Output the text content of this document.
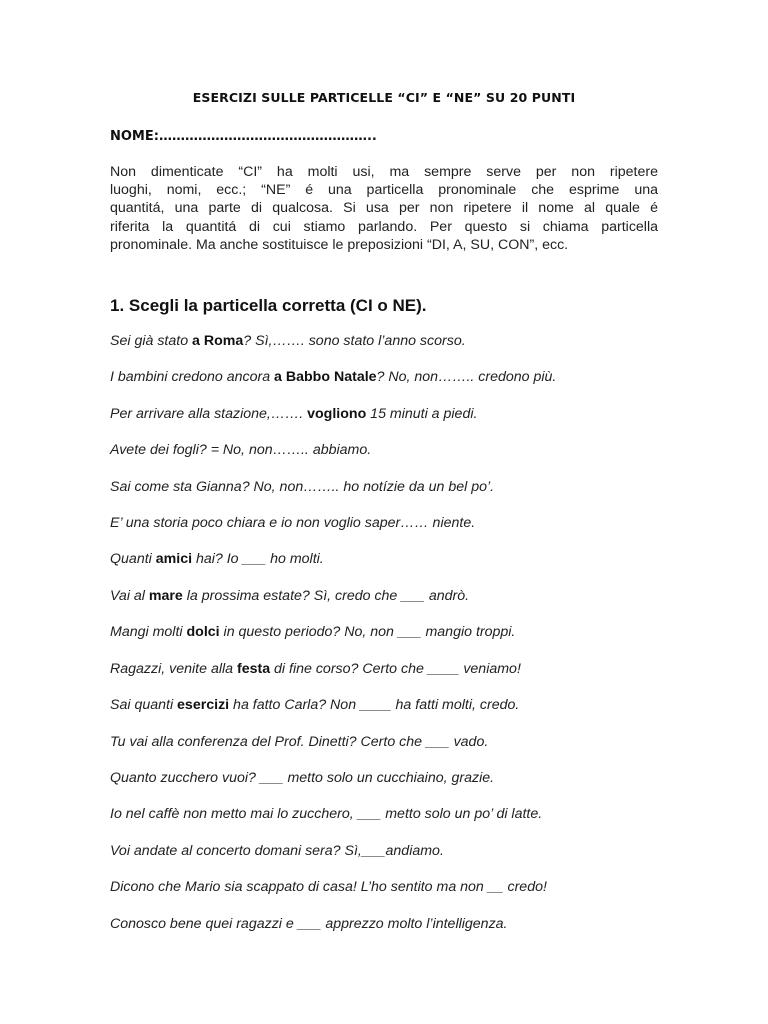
ESERCIZI SULLE PARTICELLE “CI” E “NE” SU 20 PUNTI
NOME:…………………………………………..
Non dimenticate “CI” ha molti usi, ma sempre serve per non ripetere
luoghi, nomi, ecc.; “NE” é una particella pronominale che esprime una
quantitá, una parte di qualcosa. Si usa per non ripetere il nome al quale é
riferita la quantitá di cui stiamo parlando. Per questo si chiama particella
pronominale. Ma anche sostituisce le preposizioni “DI, A, SU, CON”, ecc.
1. Scegli la particella corretta (CI o NE).
Sei già stato a Roma? Sì,……. sono stato l’anno scorso.
I bambini credono ancora a Babbo Natale? No, non…….. credono più.
Per arrivare alla stazione,……. vogliono 15 minuti a piedi.
Avete dei fogli? = No, non…….. abbiamo.
Sai come sta Gianna? No, non…….. ho notízie da un bel po’.
E’ una storia poco chiara e io non voglio saper…… niente.
Quanti amici hai? Io ___ ho molti.
Vai al mare la prossima estate? Sì, credo che ___ andrò.
Mangi molti dolci in questo periodo? No, non ___ mangio troppi.
Ragazzi, venite alla festa di fine corso? Certo che ____ veniamo!
Sai quanti esercizi ha fatto Carla? Non ____ ha fatti molti, credo.
Tu vai alla conferenza del Prof. Dinetti? Certo che ___ vado.
Quanto zucchero vuoi? ___ metto solo un cucchiaino, grazie.
Io nel caffè non metto mai lo zucchero, ___ metto solo un po’ di latte.
Voi andate al concerto domani sera? Sì,___andiamo.
Dicono che Mario sia scappato di casa! L’ho sentito ma non __ credo!
Conosco bene quei ragazzi e ___ apprezzo molto l’intelligenza.
